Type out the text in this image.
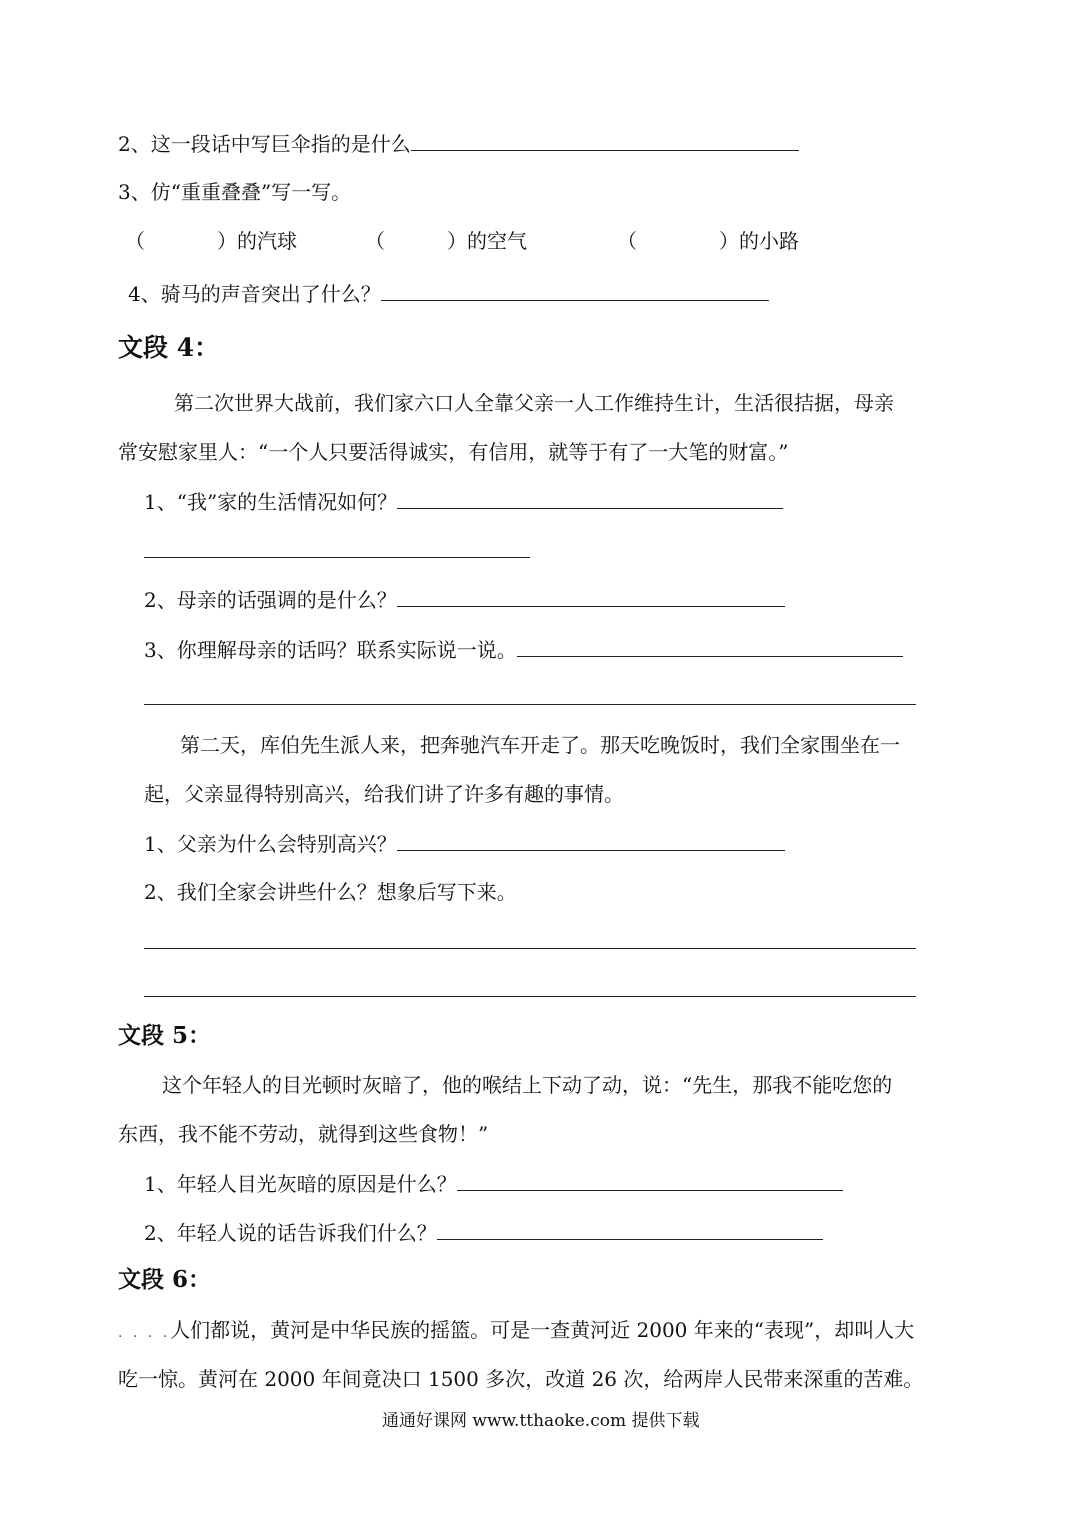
2、这一段话中写巨伞指的是什么
3、仿“重重叠叠”写一写。
（	）的汽球	（	）的空气	（	）的小路
4、骑马的声音突出了什么？
文段 4：
第二次世界大战前，我们家六口人全靠父亲一人工作维持生计，生活很拮据，母亲
常安慰家里人：“一个人只要活得诚实，有信用，就等于有了一大笔的财富。”
1、“我”家的生活情况如何？
2、母亲的话强调的是什么？
3、你理解母亲的话吗？联系实际说一说。
第二天，库伯先生派人来，把奔驰汽车开走了。那天吃晚饭时，我们全家围坐在一
起，父亲显得特别高兴，给我们讲了许多有趣的事情。
1、父亲为什么会特别高兴？
2、我们全家会讲些什么？想象后写下来。
文段 5：
这个年轻人的目光顿时灰暗了，他的喉结上下动了动，说：“先生，那我不能吃您的
东西，我不能不劳动，就得到这些食物！”
1、年轻人目光灰暗的原因是什么？
2、年轻人说的话告诉我们什么？
文段 6：
. . . .人们都说，黄河是中华民族的摇篮。可是一查黄河近 2000 年来的“表现”，却叫人大
吃一惊。黄河在 2000 年间竟决口 1500 多次，改道 26 次，给两岸人民带来深重的苦难。
通通好课网 www.tthaoke.com 提供下载
